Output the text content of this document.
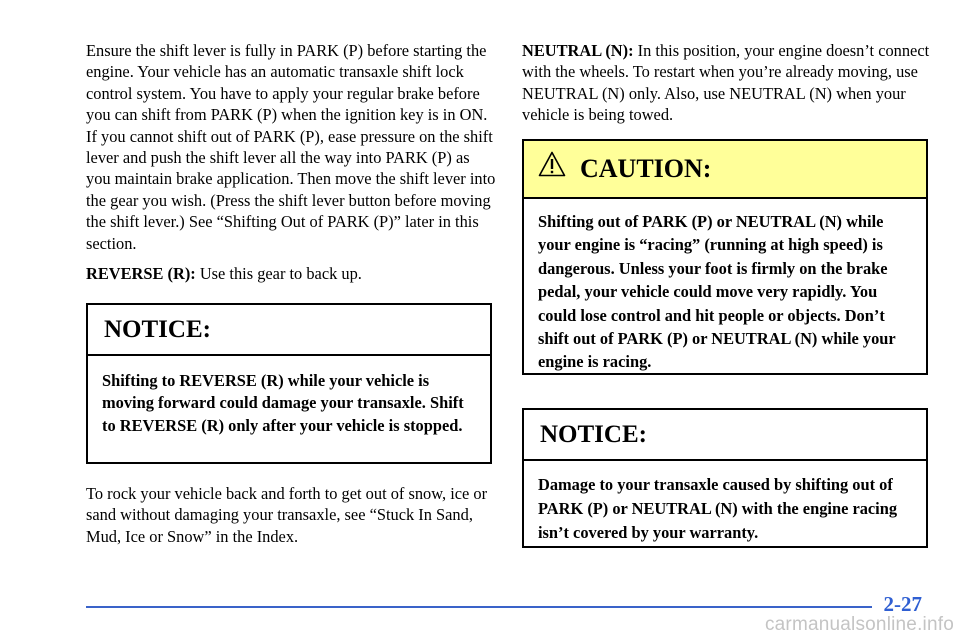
Ensure the shift lever is fully in PARK (P) before starting the engine. Your vehicle has an automatic transaxle shift lock control system. You have to apply your regular brake before you can shift from PARK (P) when the ignition key is in ON. If you cannot shift out of PARK (P), ease pressure on the shift lever and push the shift lever all the way into PARK (P) as you maintain brake application. Then move the shift lever into the gear you wish. (Press the shift lever button before moving the shift lever.) See “Shifting Out of PARK (P)” later in this section.

REVERSE (R): Use this gear to back up.

NOTICE:
Shifting to REVERSE (R) while your vehicle is moving forward could damage your transaxle. Shift to REVERSE (R) only after your vehicle is stopped.

To rock your vehicle back and forth to get out of snow, ice or sand without damaging your transaxle, see “Stuck In Sand, Mud, Ice or Snow” in the Index.

NEUTRAL (N): In this position, your engine doesn’t connect with the wheels. To restart when you’re already moving, use NEUTRAL (N) only. Also, use NEUTRAL (N) when your vehicle is being towed.

CAUTION:
Shifting out of PARK (P) or NEUTRAL (N) while your engine is “racing” (running at high speed) is dangerous. Unless your foot is firmly on the brake pedal, your vehicle could move very rapidly. You could lose control and hit people or objects. Don’t shift out of PARK (P) or NEUTRAL (N) while your engine is racing.
NOTICE:
Damage to your transaxle caused by shifting out of PARK (P) or NEUTRAL (N) with the engine racing isn’t covered by your warranty.
2-27
carmanualsonline.info
